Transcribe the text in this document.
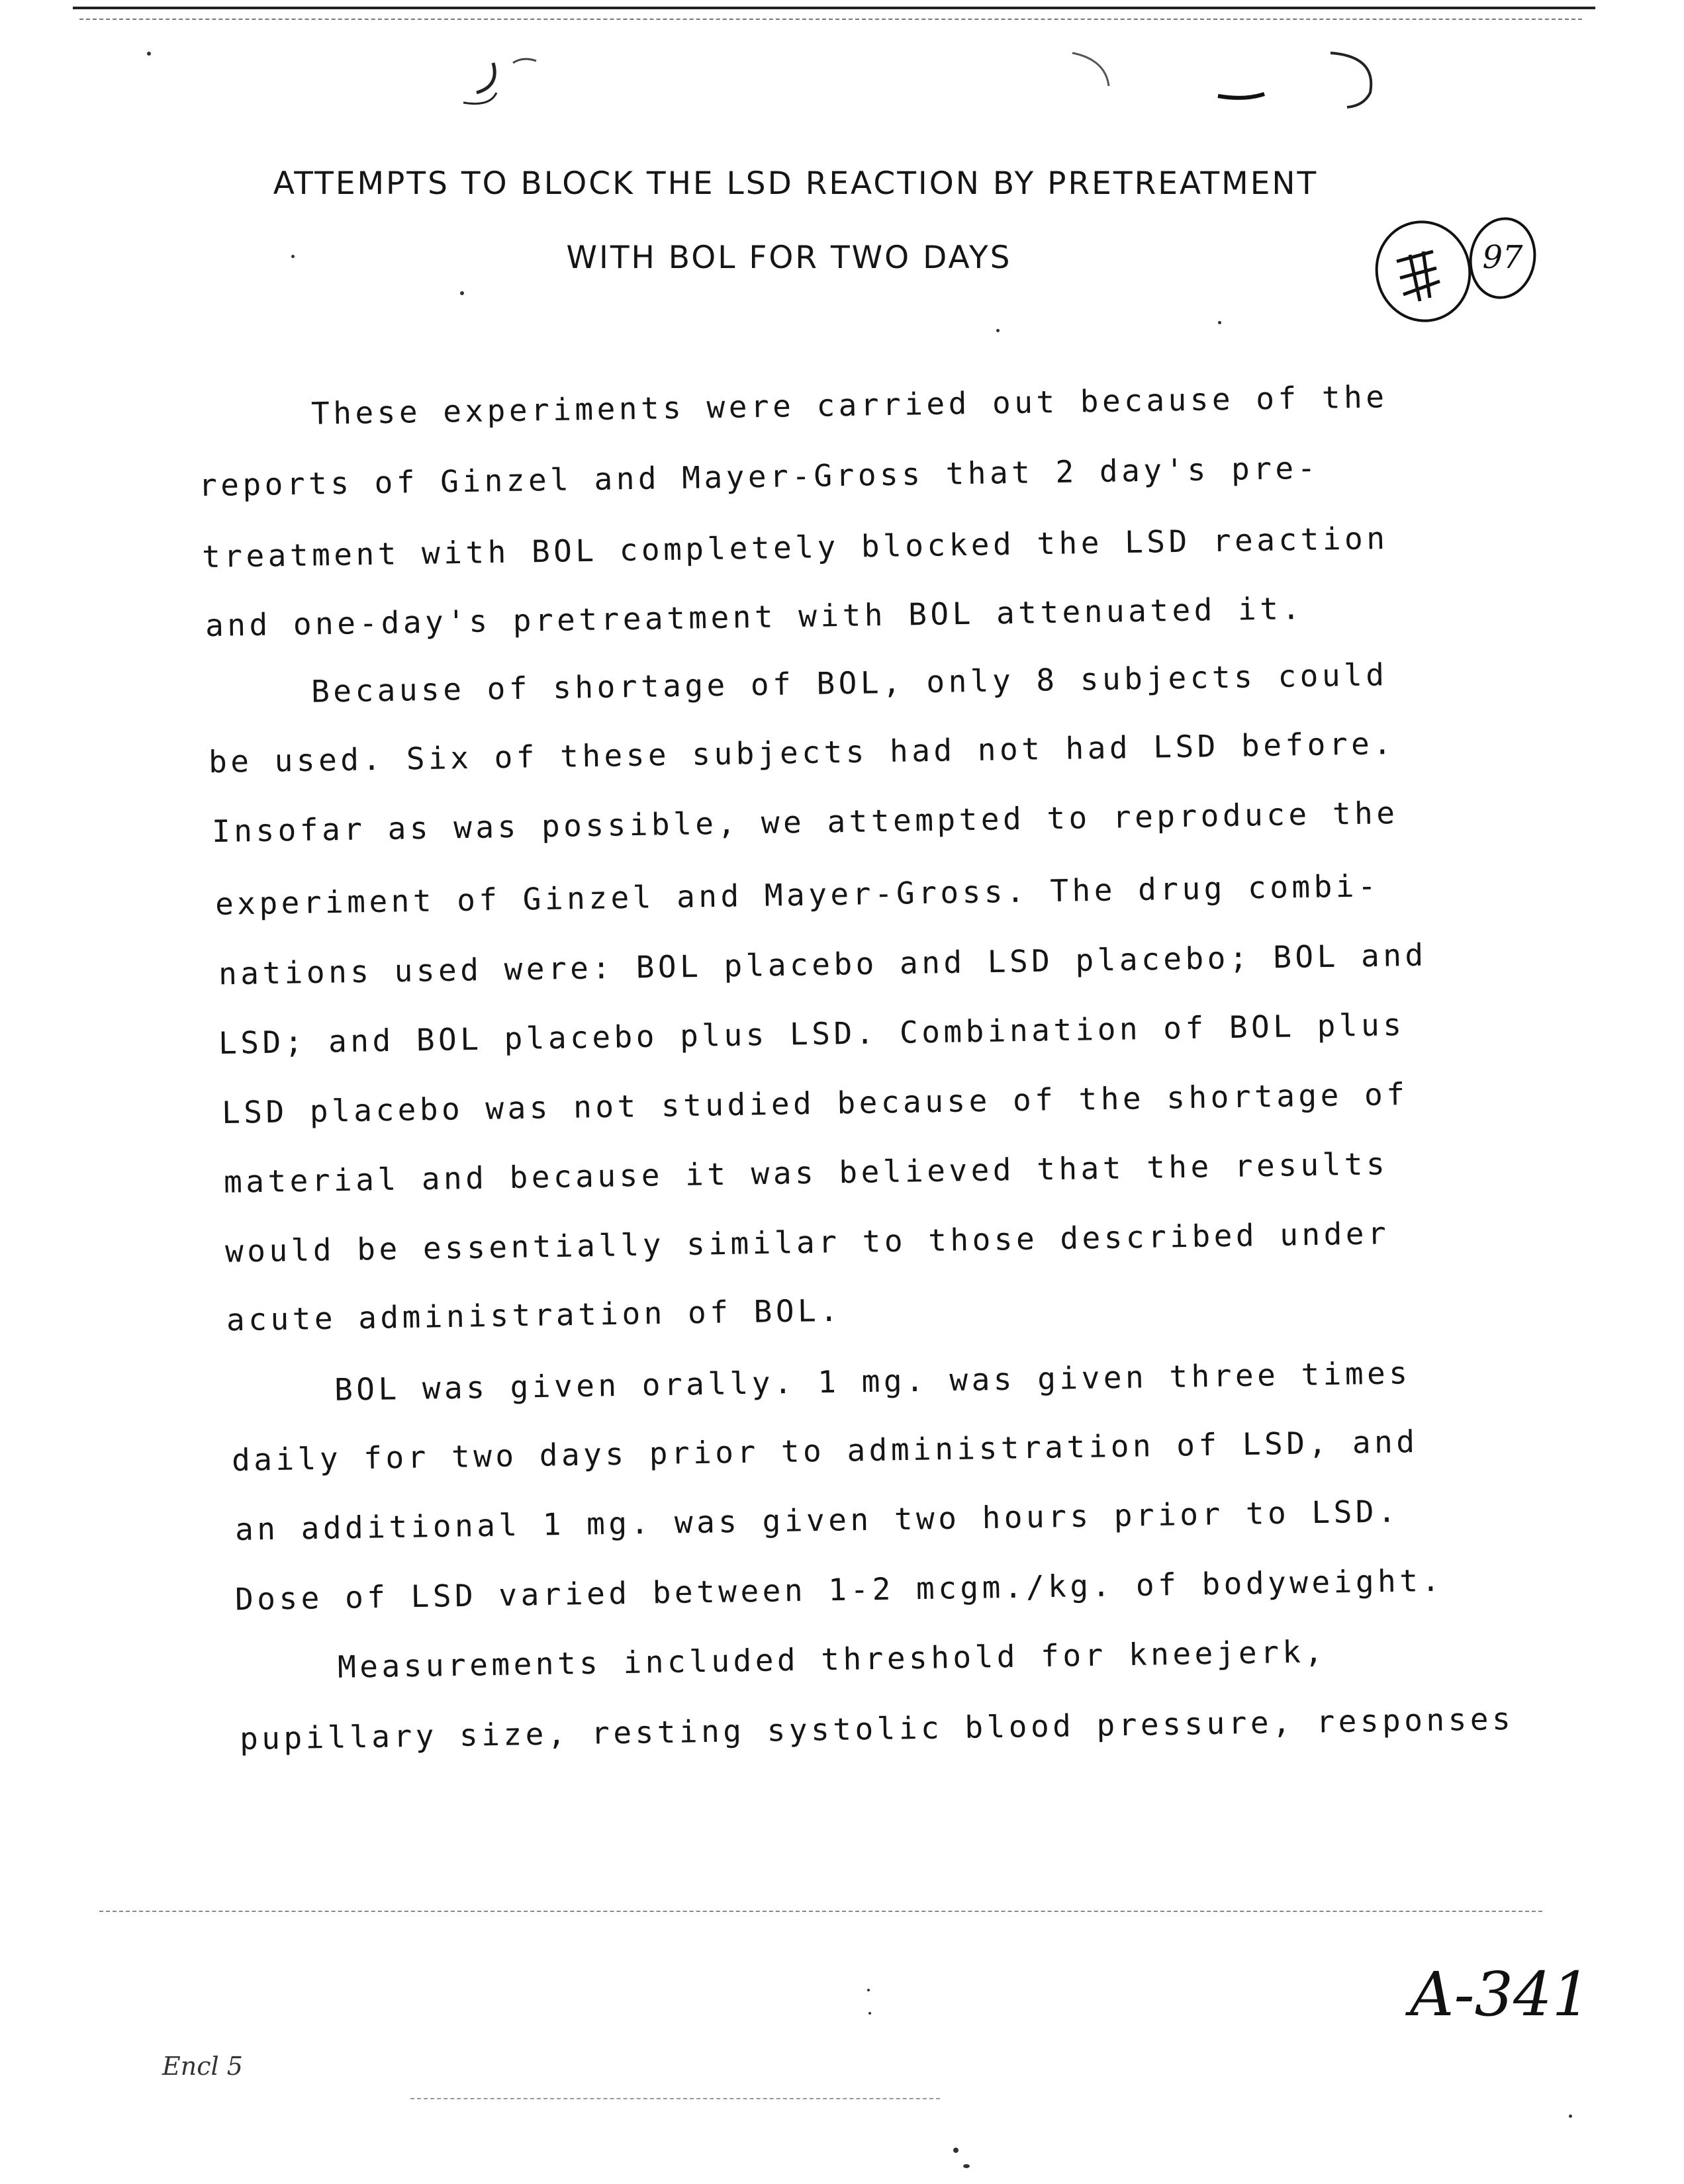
ATTEMPTS TO BLOCK THE LSD REACTION BY PRETREATMENT
WITH BOL FOR TWO DAYS	97
These experiments were carried out because of the
reports of Ginzel and Mayer-Gross that 2 day's pre-
treatment with BOL completely blocked the LSD reaction
and one-day's pretreatment with BOL attenuated it.
Because of shortage of BOL, only 8 subjects could
be used. Six of these subjects had not had LSD before.
Insofar as was possible, we attempted to reproduce the
experiment of Ginzel and Mayer-Gross. The drug combi-
nations used were: BOL placebo and LSD placebo; BOL and
LSD; and BOL placebo plus LSD. Combination of BOL plus
LSD placebo was not studied because of the shortage of
material and because it was believed that the results
would be essentially similar to those described under
acute administration of BOL.
BOL was given orally. 1 mg. was given three times
daily for two days prior to administration of LSD, and
an additional 1 mg. was given two hours prior to LSD.
Dose of LSD varied between 1-2 mcgm./kg. of bodyweight.
Measurements included threshold for kneejerk,
pupillary size, resting systolic blood pressure, responses
A-341
Encl 5
